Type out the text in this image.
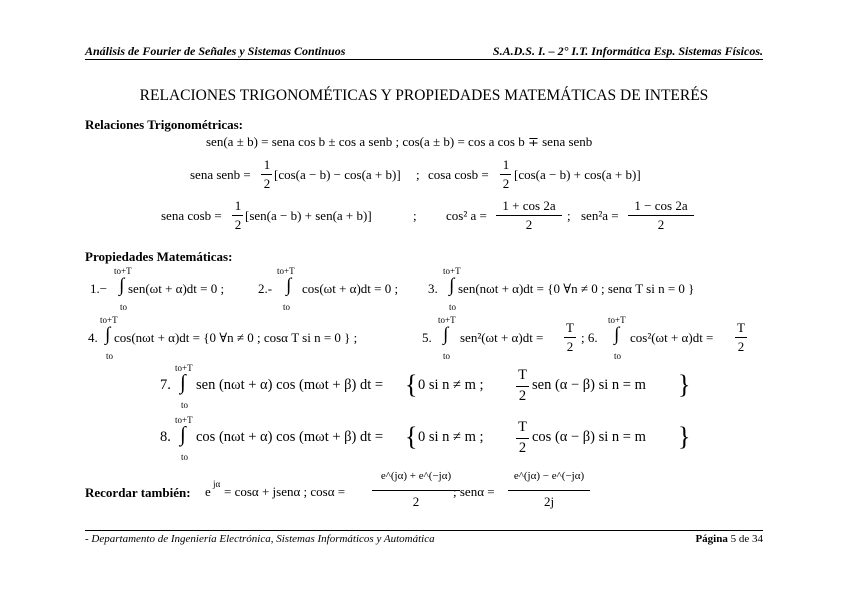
Análisis de Fourier de Señales y Sistemas Continuos	S.A.D.S. I. – 2° I.T. Informática Esp. Sistemas Físicos.
RELACIONES TRIGONOMÉTICAS Y PROPIEDADES MATEMÁTICAS DE INTERÉS
Relaciones Trigonométricas:
sen(a ± b) = sena cos b ± cos a senb ; cos(a ± b) = cos a cos b ∓ sena senb
sena senb =
1
2
[cos(a − b) − cos(a + b)] ; cosa cosb =
1
2
[cos(a − b) + cos(a + b)]
sena cosb =
1
2
[sen(a − b) + sen(a + b)]	; cos² a =
1 + cos 2a
2
; sen²a =
1 − cos 2a
2
Propiedades Matemáticas:
1.−
to+T
∫
to
sen(ωt + α)dt = 0 ;	2.-
to+T
∫
to
cos(ωt + α)dt = 0 ; 3.
to+T
∫
to
sen(nωt + α)dt = {0 ∀n ≠ 0 ; senα T si n = 0 }
4.
to+T
∫
to
cos(nωt + α)dt = {0 ∀n ≠ 0 ; cosα T si n = 0 } ;	5.
to+T
∫
to
sen²(ωt + α)dt =
T
2
; 6.
to+T
∫
to
cos²(ωt + α)dt =
T
2
7.
to+T
∫
to
sen (nωt + α) cos (mωt + β) dt = { 0 si n ≠ m ;
T
2
sen (α − β) si n = m }
8.
to+T
∫
to
cos (nωt + α) cos (mωt + β) dt = { 0 si n ≠ m ;
T
2
cos (α − β) si n = m }
Recordar también: e jα = cosα + jsenα ; cosα =
e^(jα) + e^(−jα)
2
; senα =
e^(jα) − e^(−jα)
2j
- Departamento de Ingeniería Electrónica, Sistemas Informáticos y Automática	Página 5 de 34
